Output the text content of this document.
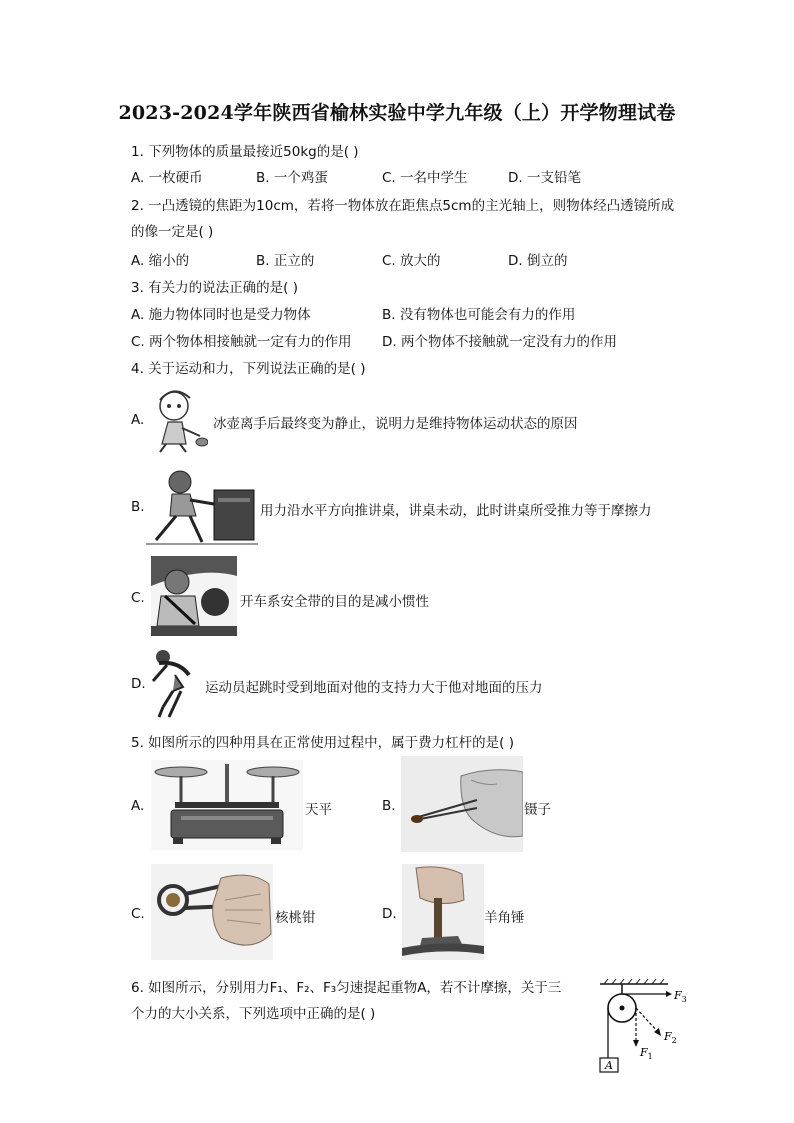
2023-2024学年陕西省榆林实验中学九年级（上）开学物理试卷
1. 下列物体的质量最接近50kg的是( )
A. 一枚硬币	B. 一个鸡蛋	C. 一名中学生	D. 一支铅笔
2. 一凸透镜的焦距为10cm，若将一物体放在距焦点5cm的主光轴上，则物体经凸透镜所成
的像一定是( )
A. 缩小的	B. 正立的	C. 放大的	D. 倒立的
3. 有关力的说法正确的是( )
A. 施力物体同时也是受力物体	B. 没有物体也可能会有力的作用
C. 两个物体相接触就一定有力的作用 D. 两个物体不接触就一定没有力的作用
4. 关于运动和力，下列说法正确的是( )
A.	冰壶离手后最终变为静止，说明力是维持物体运动状态的原因
B.	用力沿水平方向推讲桌，讲桌未动，此时讲桌所受推力等于摩擦力
C.	开车系安全带的目的是减小惯性
D.	运动员起跳时受到地面对他的支持力大于他对地面的压力
5. 如图所示的四种用具在正常使用过程中，属于费力杠杆的是( )
A.	天平	B.	镊子
C.	核桃钳	D.	羊角锤
6. 如图所示，分别用力F₁、F₂、F₃匀速提起重物A，若不计摩擦，关于三
个力的大小关系，下列选项中正确的是( )
A
$F_3$
$F_2$
$F_1$
